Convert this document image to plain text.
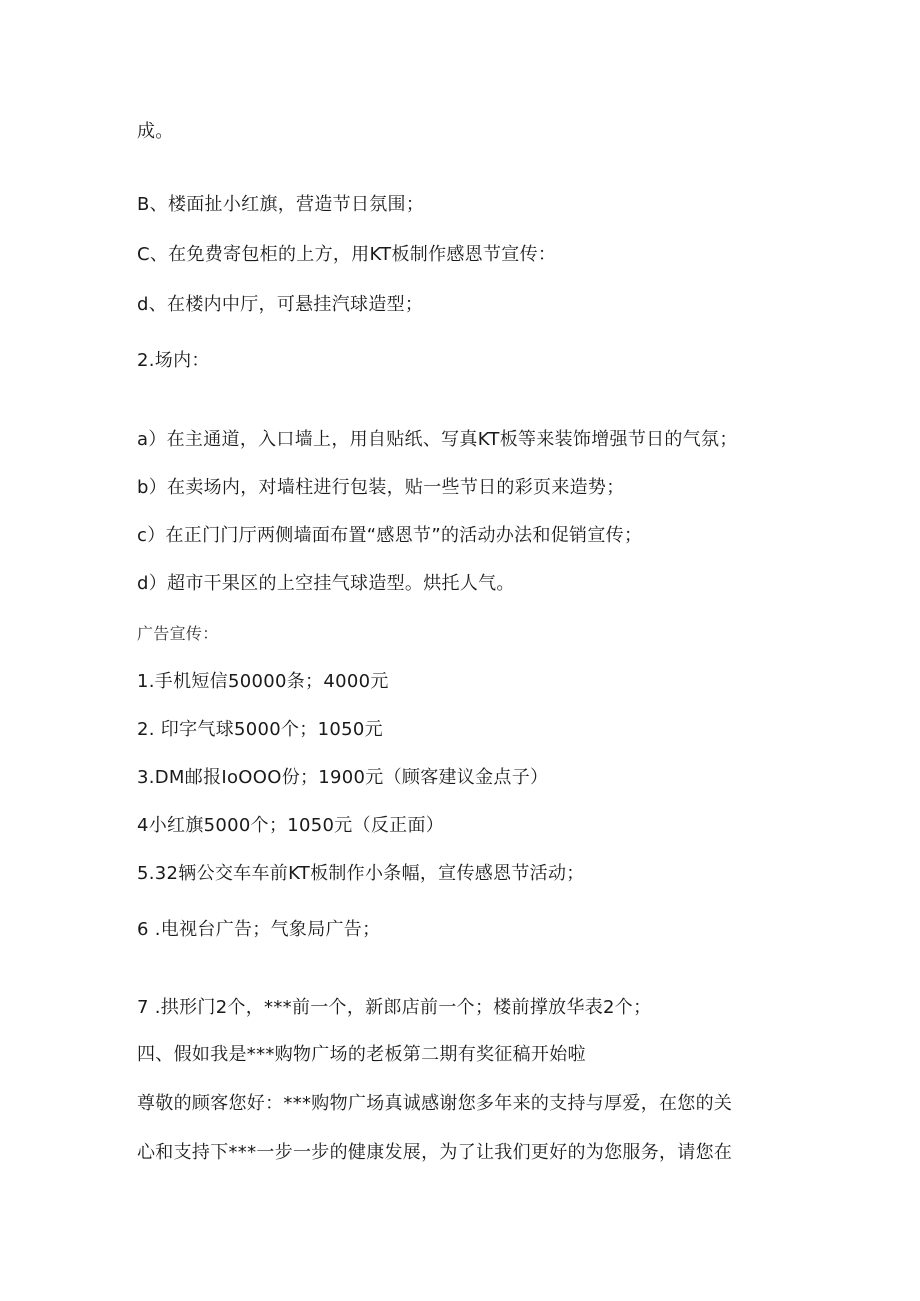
成。
B、楼面扯小红旗，营造节日氛围；
C、在免费寄包柜的上方，用KT板制作感恩节宣传：
d、在楼内中厅，可悬挂汽球造型；
2.场内：
a）在主通道，入口墙上，用自贴纸、写真KT板等来装饰增强节日的气氛；
b）在卖场内，对墙柱进行包装，贴一些节日的彩页来造势；
c）在正门门厅两侧墙面布置“感恩节”的活动办法和促销宣传；
d）超市干果区的上空挂气球造型。烘托人气。
广告宣传：
1.手机短信50000条；4000元
2. 印字气球5000个；1050元
3.DM邮报IoOOO份；1900元（顾客建议金点子）
4小红旗5000个；1050元（反正面）
5.32辆公交车车前KT板制作小条幅，宣传感恩节活动；
6 .电视台广告；气象局广告；
7 .拱形门2个，***前一个，新郎店前一个；楼前撑放华表2个；
四、假如我是***购物广场的老板第二期有奖征稿开始啦
尊敬的顾客您好：***购物广场真诚感谢您多年来的支持与厚爱，在您的关
心和支持下***一步一步的健康发展，为了让我们更好的为您服务，请您在
